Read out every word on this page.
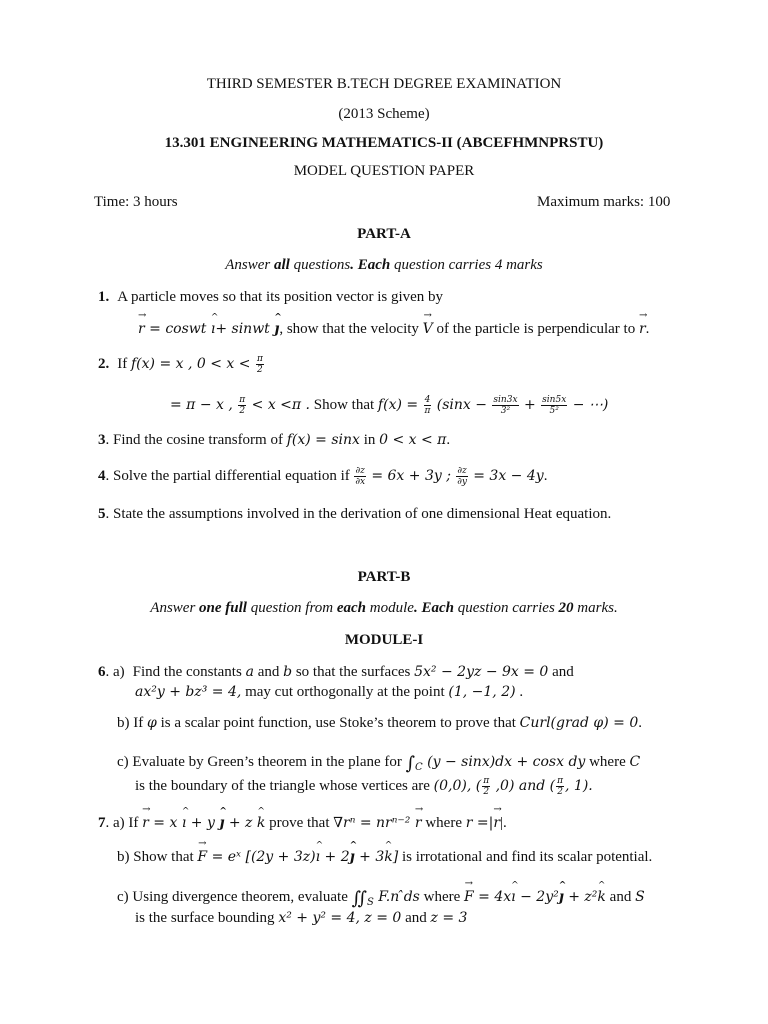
THIRD SEMESTER B.TECH DEGREE EXAMINATION
(2013 Scheme)
13.301 ENGINEERING MATHEMATICS-II (ABCEFHMNPRSTU)
MODEL QUESTION PAPER
Time: 3 hours	Maximum marks: 100
PART-A
Answer all questions. Each question carries 4 marks
1. A particle moves so that its position vector is given by
→ r = coswt ^ ı+ sinwt ^ ȷ, show that the velocity → V of the particle is perpendicular to → r.
2. If f(x) = x , $0 < x < \frac{\pi}{2}$
= π − x , $\frac{\pi}{2} < x <\pi$ . Show that $f(x) = \frac{4}{\pi} (\sin x - \frac{\sin 3x}{\text{3²}} + \frac{\sin 5x}{\text{5²}}$ − ⋯)
3. Find the cosine transform of f(x) = sinx in 0 < x < π.
4. Solve the partial differential equation if $\frac{\partial z}{\partial x} = 6x + 3y$ ; $\frac{\partial z}{\partial y} = 3x - 4y$.
5. State the assumptions involved in the derivation of one dimensional Heat equation.
PART-B
Answer one full question from each module. Each question carries 20 marks.
MODULE-I
6. a) Find the constants a and b so that the surfaces 5x² − 2yz − 9x = 0 and
ax²y + bz³ = 4, may cut orthogonally at the point (1, −1, 2) .
b) If φ is a scalar point function, use Stoke’s theorem to prove that Curl(grad φ) = 0.
c) Evaluate by Green’s theorem in the plane for $\int_C$ (y − sinx)dx + cosx dy where C
is the boundary of the triangle whose vertices are (0,0), ( $\frac{\pi}{2} ,0$) and ( $\frac{\pi}{2}$ , 1).
7. a) If → r = x ^ ı + y ^ ȷ + z ^ k prove that ∇rⁿ = nrⁿ⁻² → r where r =|→ r|.
b) Show that → F = eˣ [(2y + 3z)^ ı + 2^ ȷ + 3^ k] is irrotational and find its scalar potential.
c) Using divergence theorem, evaluate $∬_S$ F.n ̂ds where → F = 4x^ ı − 2y²^ ȷ + z²^ k and S
is the surface bounding x² + y² = 4, z = 0 and z = 3
